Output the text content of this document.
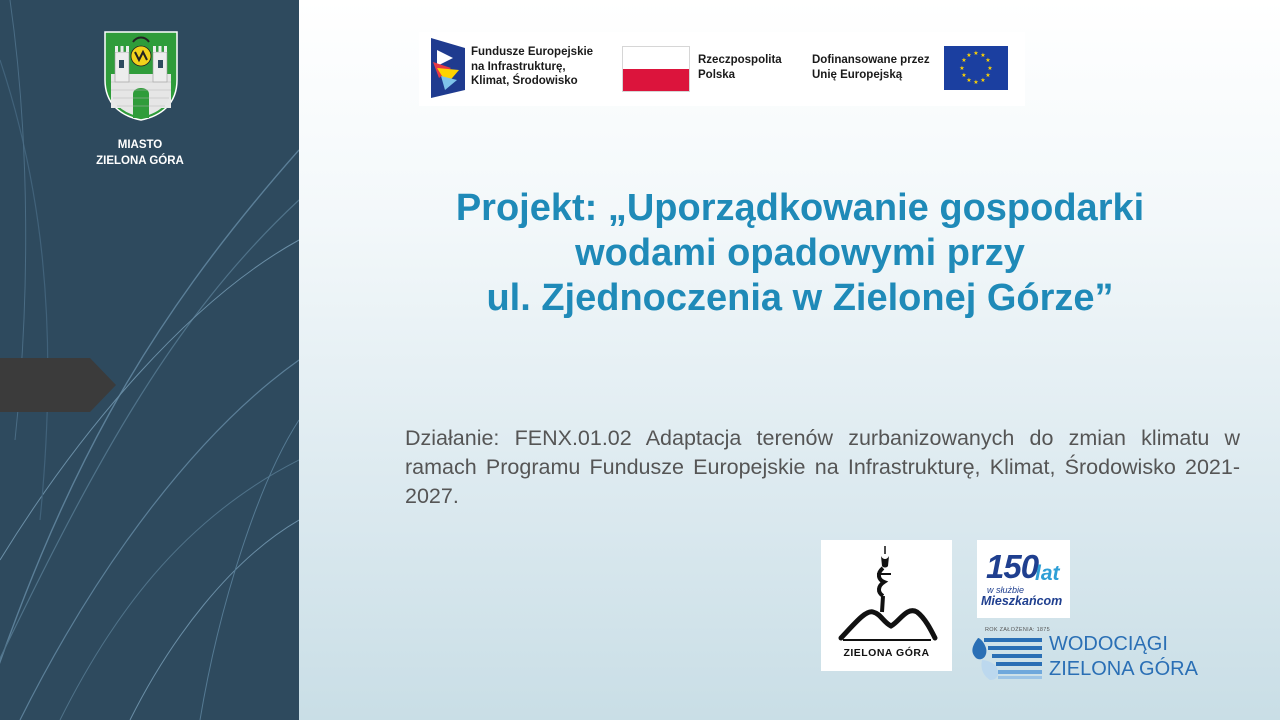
MIASTO
ZIELONA GÓRA
Fundusze Europejskie
na Infrastrukturę,
Klimat, Środowisko
Rzeczpospolita
Polska
Dofinansowane przez
Unię Europejską
★ ★
★
★
★
★
★
★
★
★
★
★
Projekt: „Uporządkowanie gospodarki
wodami opadowymi przy
ul. Zjednoczenia w Zielonej Górze”
Działanie: FENX.01.02 Adaptacja terenów zurbanizowanych do zmian klimatu w ramach Programu Fundusze Europejskie na Infrastrukturę, Klimat, Środowisko 2021-2027.
ZIELONA GÓRA
150
lat
w służbie
Mieszkańcom
ROK ZAŁOŻENIA: 1875
WODOCIĄGI
ZIELONA GÓRA
